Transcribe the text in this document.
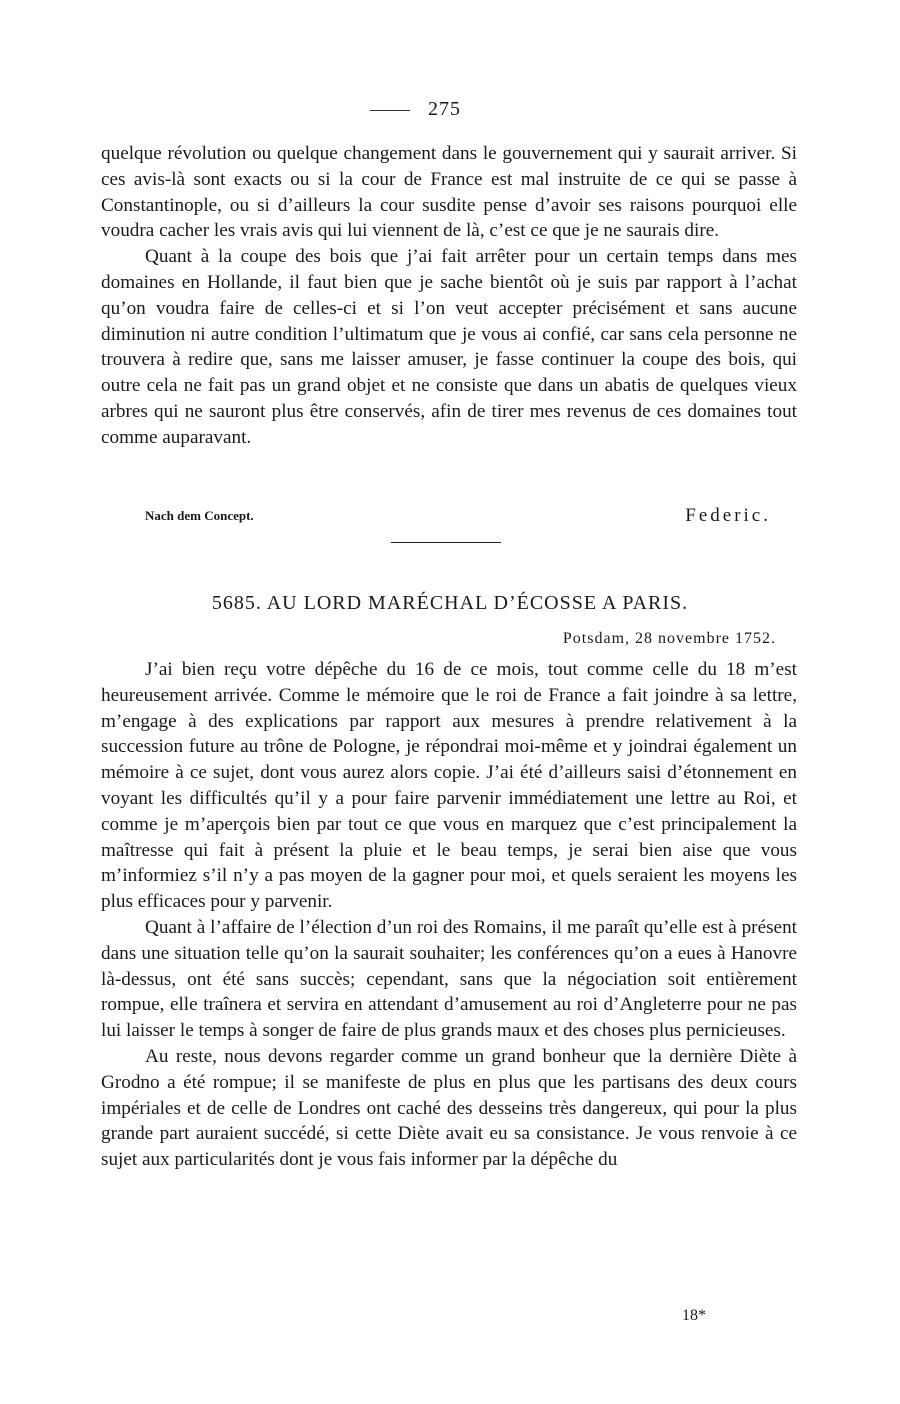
275

quelque révolution ou quelque changement dans le gouvernement qui y saurait arriver. Si ces avis-là sont exacts ou si la cour de France est mal instruite de ce qui se passe à Constantinople, ou si d’ailleurs la cour susdite pense d’avoir ses raisons pourquoi elle voudra cacher les vrais avis qui lui viennent de là, c’est ce que je ne saurais dire.

Quant à la coupe des bois que j’ai fait arrêter pour un certain temps dans mes domaines en Hollande, il faut bien que je sache bientôt où je suis par rapport à l’achat qu’on voudra faire de celles-ci et si l’on veut accepter précisément et sans aucune diminution ni autre condition l’ultimatum que je vous ai confié, car sans cela personne ne trouvera à redire que, sans me laisser amuser, je fasse continuer la coupe des bois, qui outre cela ne fait pas un grand objet et ne consiste que dans un abatis de quelques vieux arbres qui ne sauront plus être conservés, afin de tirer mes revenus de ces domaines tout comme auparavant.

Nach dem Concept.	Federic.
5685. AU LORD MARÉCHAL D’ÉCOSSE A PARIS.
Potsdam, 28 novembre 1752.

J’ai bien reçu votre dépêche du 16 de ce mois, tout comme celle du 18 m’est heureusement arrivée. Comme le mémoire que le roi de France a fait joindre à sa lettre, m’engage à des explications par rapport aux mesures à prendre relativement à la succession future au trône de Pologne, je répondrai moi-même et y joindrai également un mémoire à ce sujet, dont vous aurez alors copie. J’ai été d’ailleurs saisi d’étonnement en voyant les difficultés qu’il y a pour faire parvenir immédiatement une lettre au Roi, et comme je m’aperçois bien par tout ce que vous en marquez que c’est principalement la maîtresse qui fait à présent la pluie et le beau temps, je serai bien aise que vous m’informiez s’il n’y a pas moyen de la gagner pour moi, et quels seraient les moyens les plus efficaces pour y parvenir.

Quant à l’affaire de l’élection d’un roi des Romains, il me paraît qu’elle est à présent dans une situation telle qu’on la saurait souhaiter; les conférences qu’on a eues à Hanovre là-dessus, ont été sans succès; cependant, sans que la négociation soit entièrement rompue, elle traînera et servira en attendant d’amusement au roi d’Angleterre pour ne pas lui laisser le temps à songer de faire de plus grands maux et des choses plus pernicieuses.

Au reste, nous devons regarder comme un grand bonheur que la dernière Diète à Grodno a été rompue; il se manifeste de plus en plus que les partisans des deux cours impériales et de celle de Londres ont caché des desseins très dangereux, qui pour la plus grande part auraient succédé, si cette Diète avait eu sa consistance. Je vous renvoie à ce sujet aux particularités dont je vous fais informer par la dépêche du

18*
